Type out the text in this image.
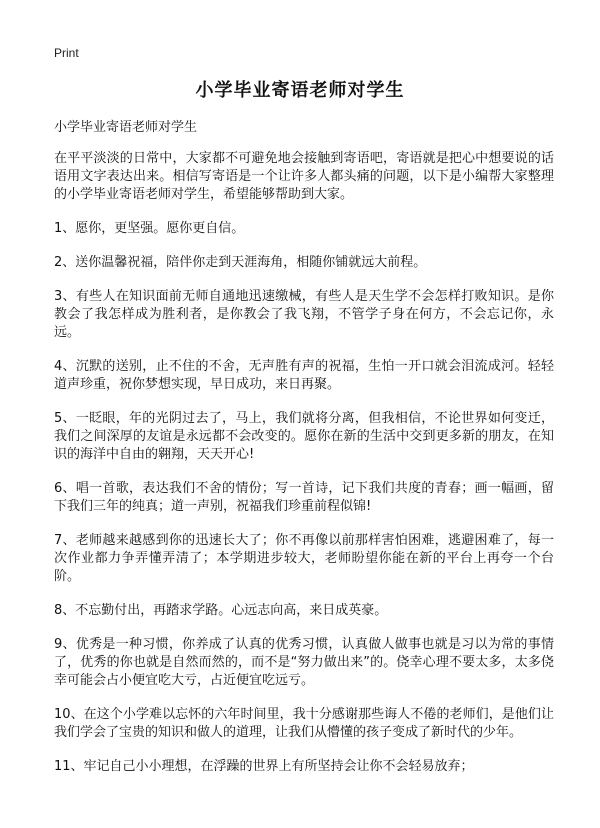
Print
小学毕业寄语老师对学生

小学毕业寄语老师对学生

在平平淡淡的日常中，大家都不可避免地会接触到寄语吧，寄语就是把心中想要说的话语用文字表达出来。相信写寄语是一个让许多人都头痛的问题，以下是小编帮大家整理的小学毕业寄语老师对学生，希望能够帮助到大家。

1、愿你，更坚强。愿你更自信。

2、送你温馨祝福，陪伴你走到天涯海角，相随你铺就远大前程。

3、有些人在知识面前无师自通地迅速缴械，有些人是天生学不会怎样打败知识。是你教会了我怎样成为胜利者，是你教会了我飞翔，不管学子身在何方，不会忘记你，永远。

4、沉默的送别，止不住的不舍，无声胜有声的祝福，生怕一开口就会泪流成河。轻轻道声珍重，祝你梦想实现，早日成功，来日再聚。

5、一眨眼，年的光阴过去了，马上，我们就将分离，但我相信，不论世界如何变迁，我们之间深厚的友谊是永远都不会改变的。愿你在新的生活中交到更多新的朋友，在知识的海洋中自由的翱翔，天天开心!

6、唱一首歌，表达我们不舍的情份；写一首诗，记下我们共度的青春；画一幅画，留下我们三年的纯真；道一声别，祝福我们珍重前程似锦!

7、老师越来越感到你的迅速长大了；你不再像以前那样害怕困难，逃避困难了，每一次作业都力争弄懂弄清了；本学期进步较大，老师盼望你能在新的平台上再夸一个台阶。

8、不忘勤付出，再踏求学路。心远志向高，来日成英豪。

9、优秀是一种习惯，你养成了认真的优秀习惯，认真做人做事也就是习以为常的事情了，优秀的你也就是自然而然的，而不是“努力做出来”的。侥幸心理不要太多，太多侥幸可能会占小便宜吃大亏，占近便宜吃远亏。

10、在这个小学难以忘怀的六年时间里，我十分感谢那些诲人不倦的老师们，是他们让我们学会了宝贵的知识和做人的道理，让我们从懵懂的孩子变成了新时代的少年。

11、牢记自己小小理想，在浮躁的世界上有所坚持会让你不会轻易放弃；
